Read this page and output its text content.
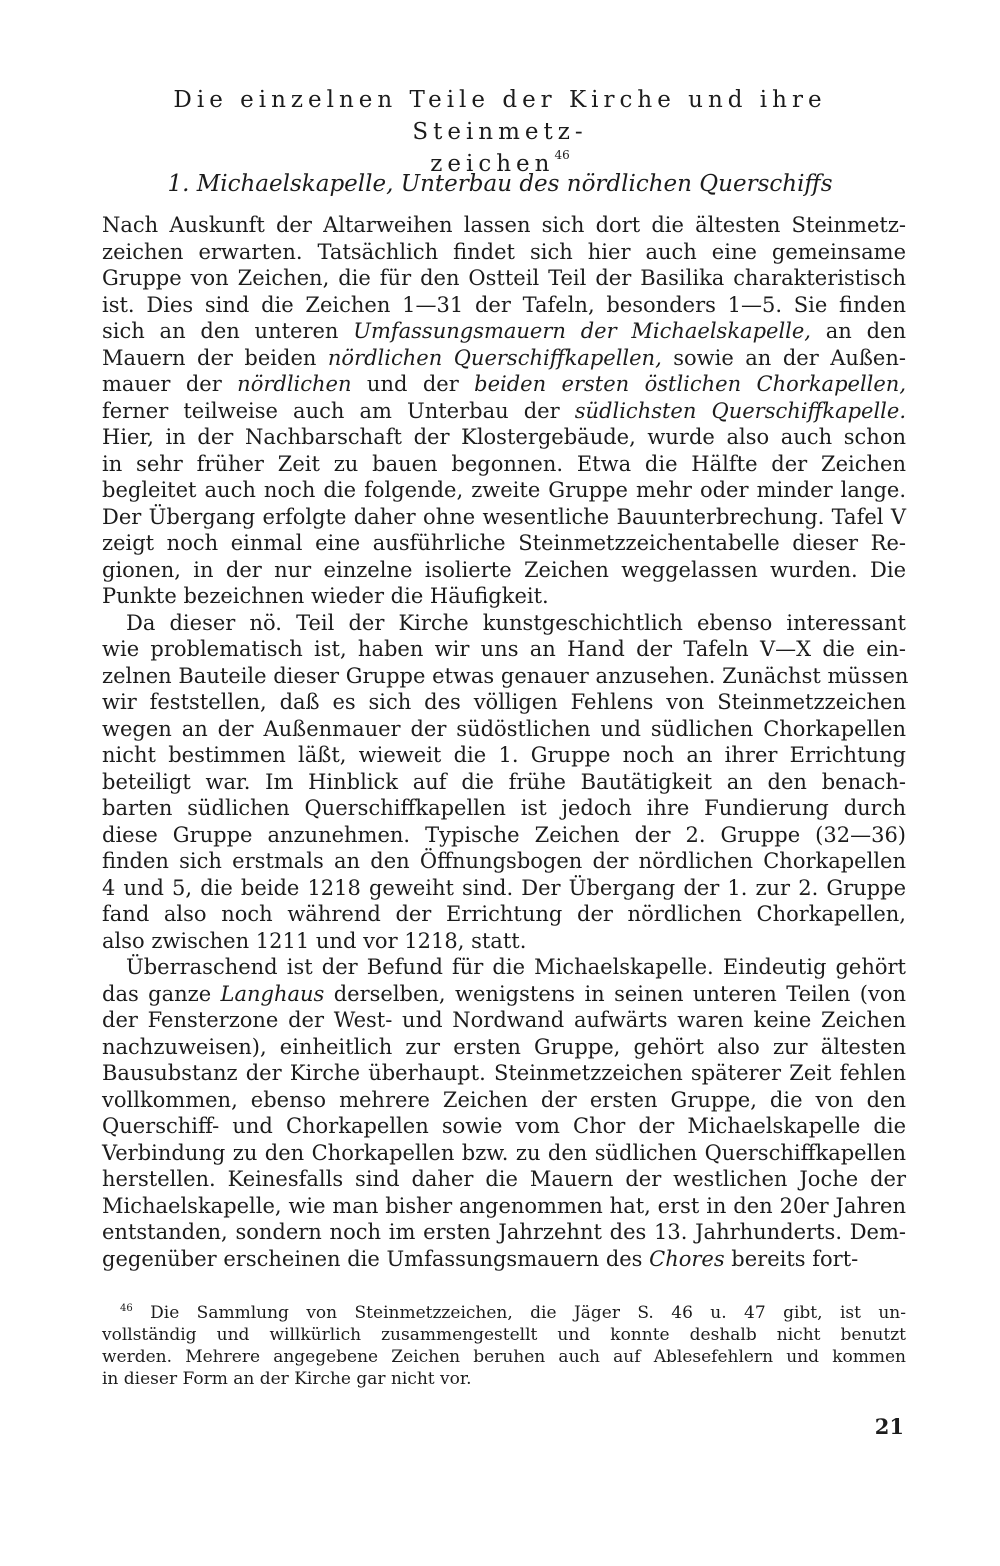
Die einzelnen Teile der Kirche und ihre Steinmetz-
zeichen$^{46}$
1. Michaelskapelle, Unterbau des nördlichen Querschiffs
Nach Auskunft der Altarweihen lassen sich dort die ältesten Steinmetz-
zeichen erwarten. Tatsächlich findet sich hier auch eine gemeinsame
Gruppe von Zeichen, die für den Ostteil Teil der Basilika charakteristisch
ist. Dies sind die Zeichen 1—31 der Tafeln, besonders 1—5. Sie finden
sich an den unteren Umfassungsmauern der Michaelskapelle, an den
Mauern der beiden nördlichen Querschiffkapellen, sowie an der Außen-
mauer der nördlichen und der beiden ersten östlichen Chorkapellen,
ferner teilweise auch am Unterbau der südlichsten Querschiffkapelle.
Hier, in der Nachbarschaft der Klostergebäude, wurde also auch schon
in sehr früher Zeit zu bauen begonnen. Etwa die Hälfte der Zeichen
begleitet auch noch die folgende, zweite Gruppe mehr oder minder lange.
Der Übergang erfolgte daher ohne wesentliche Bauunterbrechung. Tafel V
zeigt noch einmal eine ausführliche Steinmetzzeichentabelle dieser Re-
gionen, in der nur einzelne isolierte Zeichen weggelassen wurden. Die
Punkte bezeichnen wieder die Häufigkeit.
Da dieser nö. Teil der Kirche kunstgeschichtlich ebenso interessant
wie problematisch ist, haben wir uns an Hand der Tafeln V—X die ein-
zelnen Bauteile dieser Gruppe etwas genauer anzusehen. Zunächst müssen
wir feststellen, daß es sich des völligen Fehlens von Steinmetzzeichen
wegen an der Außenmauer der südöstlichen und südlichen Chorkapellen
nicht bestimmen läßt, wieweit die 1. Gruppe noch an ihrer Errichtung
beteiligt war. Im Hinblick auf die frühe Bautätigkeit an den benach-
barten südlichen Querschiffkapellen ist jedoch ihre Fundierung durch
diese Gruppe anzunehmen. Typische Zeichen der 2. Gruppe (32—36)
finden sich erstmals an den Öffnungsbogen der nördlichen Chorkapellen
4 und 5, die beide 1218 geweiht sind. Der Übergang der 1. zur 2. Gruppe
fand also noch während der Errichtung der nördlichen Chorkapellen,
also zwischen 1211 und vor 1218, statt.
Überraschend ist der Befund für die Michaelskapelle. Eindeutig gehört
das ganze Langhaus derselben, wenigstens in seinen unteren Teilen (von
der Fensterzone der West- und Nordwand aufwärts waren keine Zeichen
nachzuweisen), einheitlich zur ersten Gruppe, gehört also zur ältesten
Bausubstanz der Kirche überhaupt. Steinmetzzeichen späterer Zeit fehlen
vollkommen, ebenso mehrere Zeichen der ersten Gruppe, die von den
Querschiff- und Chorkapellen sowie vom Chor der Michaelskapelle die
Verbindung zu den Chorkapellen bzw. zu den südlichen Querschiffkapellen
herstellen. Keinesfalls sind daher die Mauern der westlichen Joche der
Michaelskapelle, wie man bisher angenommen hat, erst in den 20er Jahren
entstanden, sondern noch im ersten Jahrzehnt des 13. Jahrhunderts. Dem-
gegenüber erscheinen die Umfassungsmauern des Chores bereits fort-
$^{46}$ Die Sammlung von Steinmetzzeichen, die Jäger S. 46 u. 47 gibt, ist un-
vollständig und willkürlich zusammengestellt und konnte deshalb nicht benutzt
werden. Mehrere angegebene Zeichen beruhen auch auf Ablesefehlern und kommen
in dieser Form an der Kirche gar nicht vor.
21
